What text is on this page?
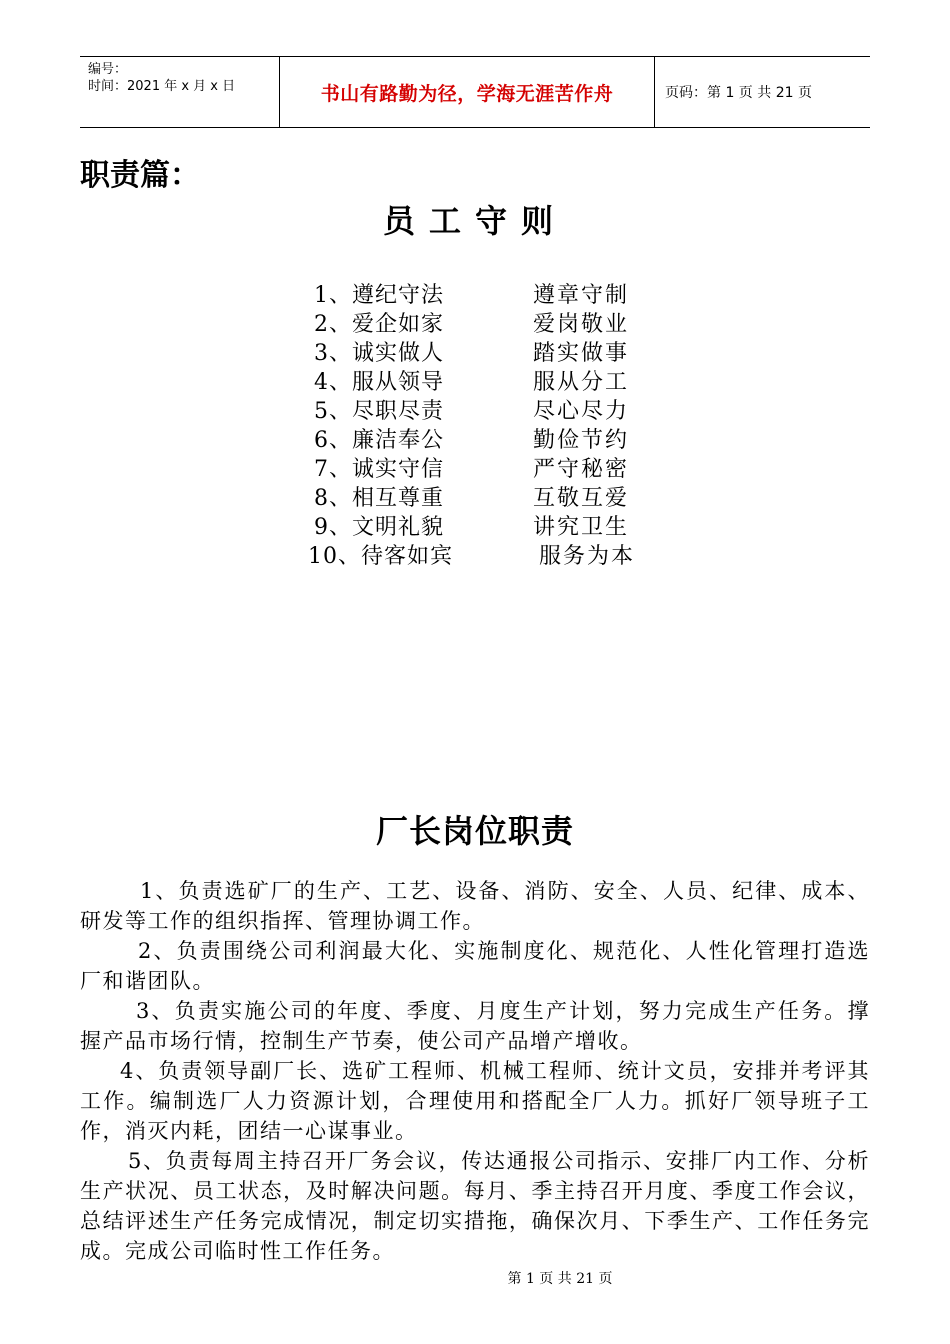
编号：
时间：2021 年 x 月 x 日	书山有路勤为径，学海无涯苦作舟	页码：第 1 页 共 21 页
职责篇：
员工守则
1、遵纪守法	遵章守制
2、爱企如家	爱岗敬业
3、诚实做人	踏实做事
4、服从领导	服从分工
5、尽职尽责	尽心尽力
6、廉洁奉公	勤俭节约
7、诚实守信	严守秘密
8、相互尊重	互敬互爱
9、文明礼貌	讲究卫生
10、待客如宾	服务为本
厂长岗位职责

1、负责选矿厂的生产、工艺、设备、消防、安全、人员、纪律、成本、研发等工作的组织指挥、管理协调工作。

2、负责围绕公司利润最大化、实施制度化、规范化、人性化管理打造选厂和谐团队。

3、负责实施公司的年度、季度、月度生产计划，努力完成生产任务。撑握产品市场行情，控制生产节奏，使公司产品增产增收。

4、负责领导副厂长、选矿工程师、机械工程师、统计文员，安排并考评其工作。编制选厂人力资源计划，合理使用和搭配全厂人力。抓好厂领导班子工作，消灭内耗，团结一心谋事业。

5、负责每周主持召开厂务会议，传达通报公司指示、安排厂内工作、分析生产状况、员工状态，及时解决问题。每月、季主持召开月度、季度工作会议，总结评述生产任务完成情况，制定切实措拖，确保次月、下季生产、工作任务完成。完成公司临时性工作任务。

第 1 页 共 21 页
